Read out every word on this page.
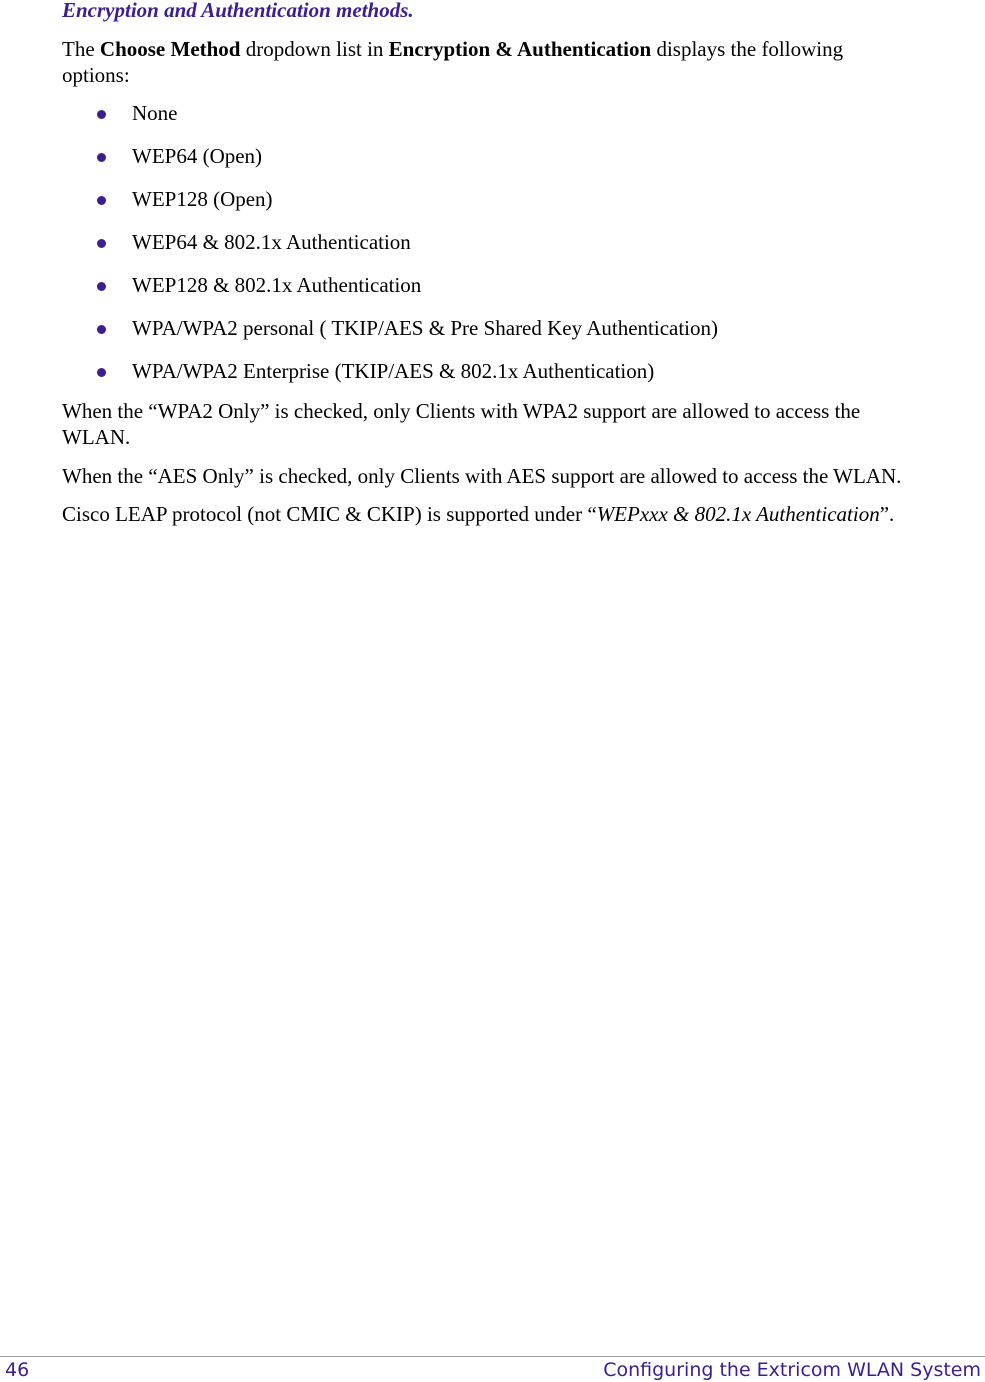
Encryption and Authentication methods.

The Choose Method dropdown list in Encryption & Authentication displays the following
options:

None
WEP64 (Open)
WEP128 (Open)
WEP64 & 802.1x Authentication
WEP128 & 802.1x Authentication
WPA/WPA2 personal ( TKIP/AES & Pre Shared Key Authentication)
WPA/WPA2 Enterprise (TKIP/AES & 802.1x Authentication)

When the “WPA2 Only” is checked, only Clients with WPA2 support are allowed to access the
WLAN.

When the “AES Only” is checked, only Clients with AES support are allowed to access the WLAN.

Cisco LEAP protocol (not CMIC & CKIP) is supported under “WEPxxx & 802.1x Authentication”.

46	Configuring the Extricom WLAN System
